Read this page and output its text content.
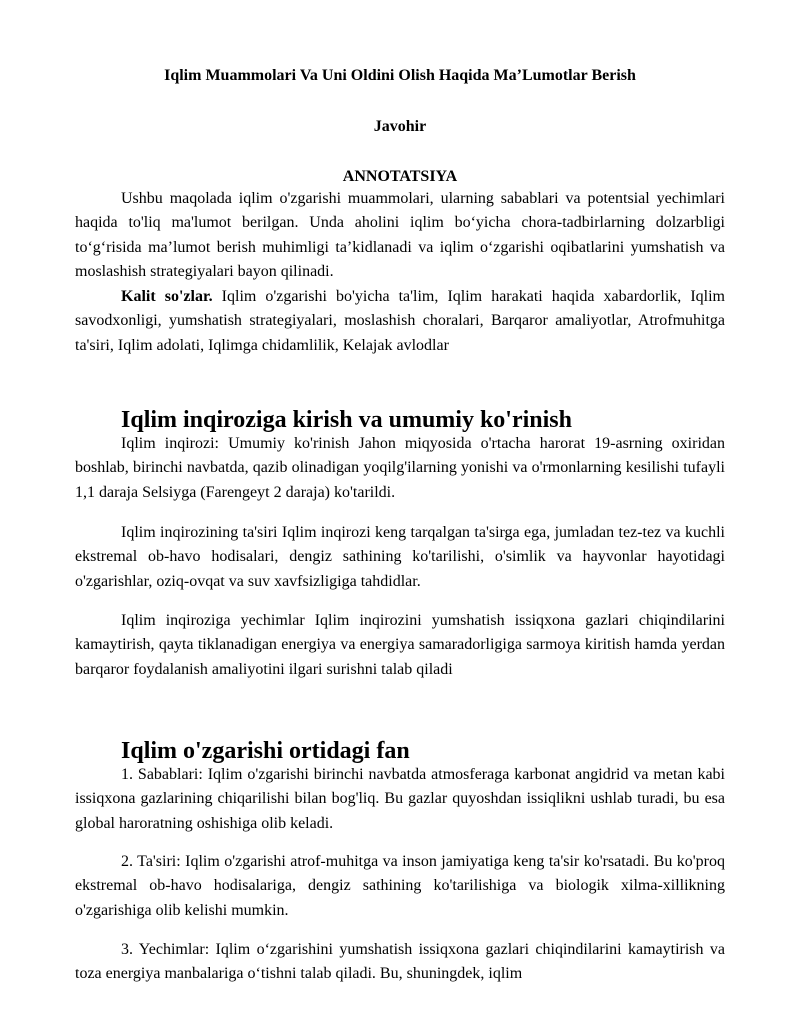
Iqlim Muammolari Va Uni Oldini Olish Haqida Ma’Lumotlar Berish

Javohir

ANNOTATSIYA

Ushbu maqolada iqlim o'zgarishi muammolari, ularning sabablari va potentsial yechimlari haqida to'liq ma'lumot berilgan. Unda aholini iqlim bo‘yicha chora-tadbirlarning dolzarbligi to‘g‘risida ma’lumot berish muhimligi ta’kidlanadi va iqlim o‘zgarishi oqibatlarini yumshatish va moslashish strategiyalari bayon qilinadi.

Kalit so'zlar. Iqlim o'zgarishi bo'yicha ta'lim, Iqlim harakati haqida xabardorlik, Iqlim savodxonligi, yumshatish strategiyalari, moslashish choralari, Barqaror amaliyotlar, Atrofmuhitga ta'siri, Iqlim adolati, Iqlimga chidamlilik, Kelajak avlodlar

Iqlim inqiroziga kirish va umumiy ko'rinish

Iqlim inqirozi: Umumiy ko'rinish Jahon miqyosida o'rtacha harorat 19-asrning oxiridan boshlab, birinchi navbatda, qazib olinadigan yoqilg'ilarning yonishi va o'rmonlarning kesilishi tufayli 1,1 daraja Selsiyga (Farengeyt 2 daraja) ko'tarildi.

Iqlim inqirozining ta'siri Iqlim inqirozi keng tarqalgan ta'sirga ega, jumladan tez-tez va kuchli ekstremal ob-havo hodisalari, dengiz sathining ko'tarilishi, o'simlik va hayvonlar hayotidagi o'zgarishlar, oziq-ovqat va suv xavfsizligiga tahdidlar.

Iqlim inqiroziga yechimlar Iqlim inqirozini yumshatish issiqxona gazlari chiqindilarini kamaytirish, qayta tiklanadigan energiya va energiya samaradorligiga sarmoya kiritish hamda yerdan barqaror foydalanish amaliyotini ilgari surishni talab qiladi

Iqlim o'zgarishi ortidagi fan

1. Sabablari: Iqlim o'zgarishi birinchi navbatda atmosferaga karbonat angidrid va metan kabi issiqxona gazlarining chiqarilishi bilan bog'liq. Bu gazlar quyoshdan issiqlikni ushlab turadi, bu esa global haroratning oshishiga olib keladi.

2. Ta'siri: Iqlim o'zgarishi atrof-muhitga va inson jamiyatiga keng ta'sir ko'rsatadi. Bu ko'proq ekstremal ob-havo hodisalariga, dengiz sathining ko'tarilishiga va biologik xilma-xillikning o'zgarishiga olib kelishi mumkin.

3. Yechimlar: Iqlim o‘zgarishini yumshatish issiqxona gazlari chiqindilarini kamaytirish va toza energiya manbalariga o‘tishni talab qiladi. Bu, shuningdek, iqlim
